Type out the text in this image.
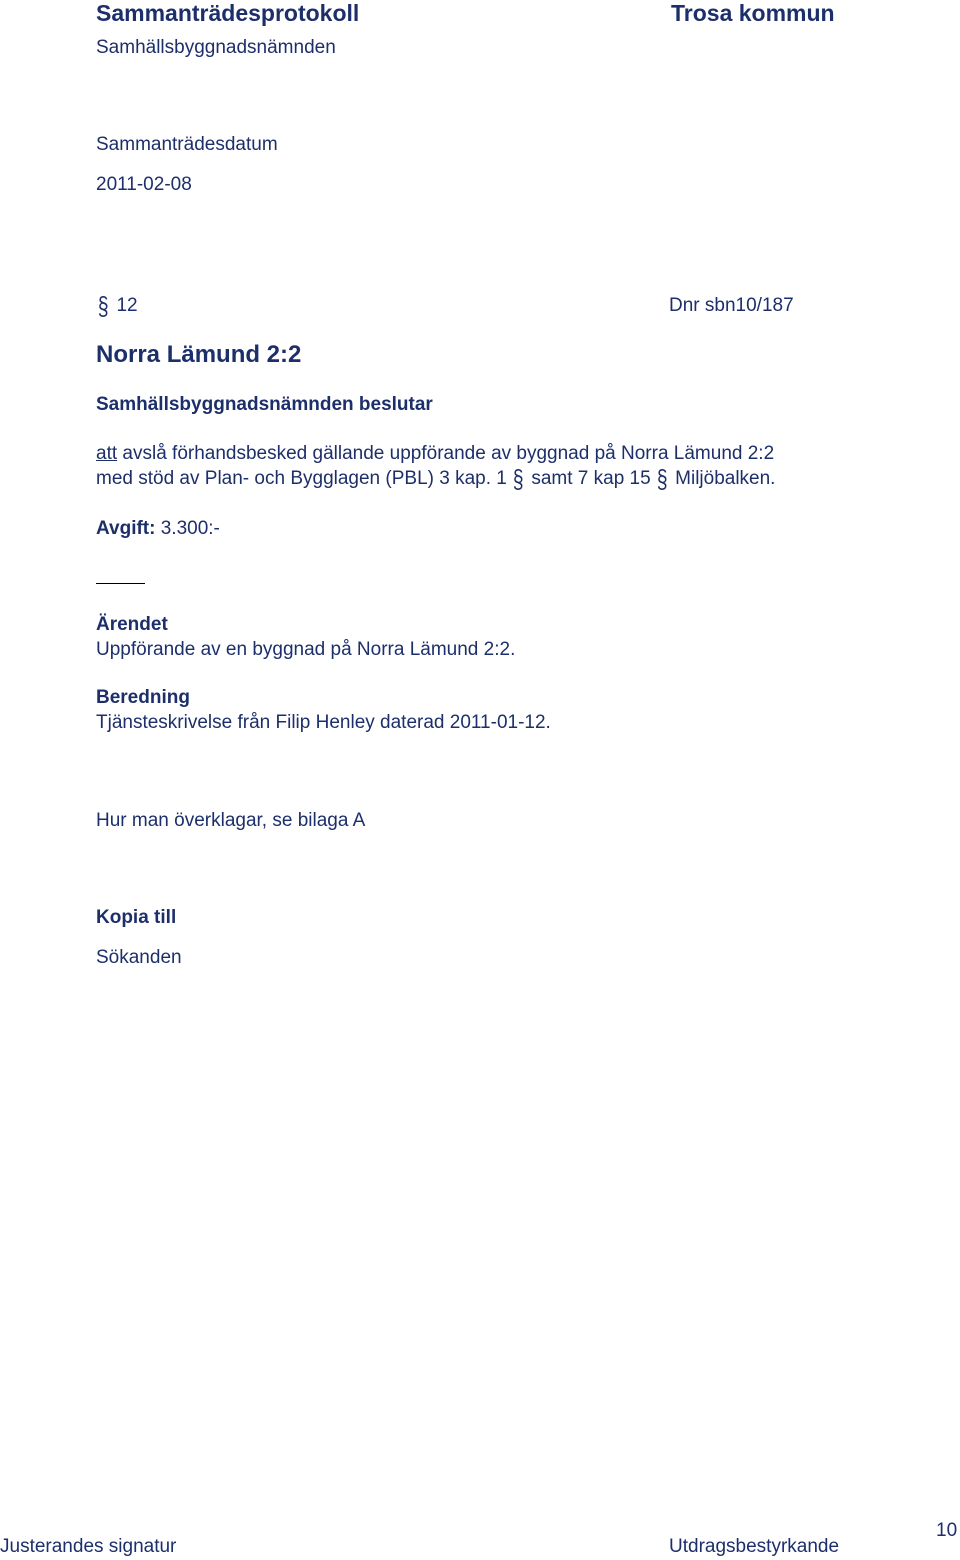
Sammanträdesprotokoll	Trosa kommun
Samhällsbyggnadsnämnden
Sammanträdesdatum
2011-02-08
§ 12	Dnr sbn10/187
Norra Lämund 2:2
Samhällsbyggnadsnämnden beslutar
att avslå förhandsbesked gällande uppförande av byggnad på Norra Lämund 2:2
med stöd av Plan- och Bygglagen (PBL) 3 kap. 1 § samt 7 kap 15 § Miljöbalken.
Avgift: 3.300:-
Ärendet
Uppförande av en byggnad på Norra Lämund 2:2.
Beredning
Tjänsteskrivelse från Filip Henley daterad 2011-01-12.
Hur man överklagar, se bilaga A
Kopia till
Sökanden
Justerandes signatur	Utdragsbestyrkande
10
